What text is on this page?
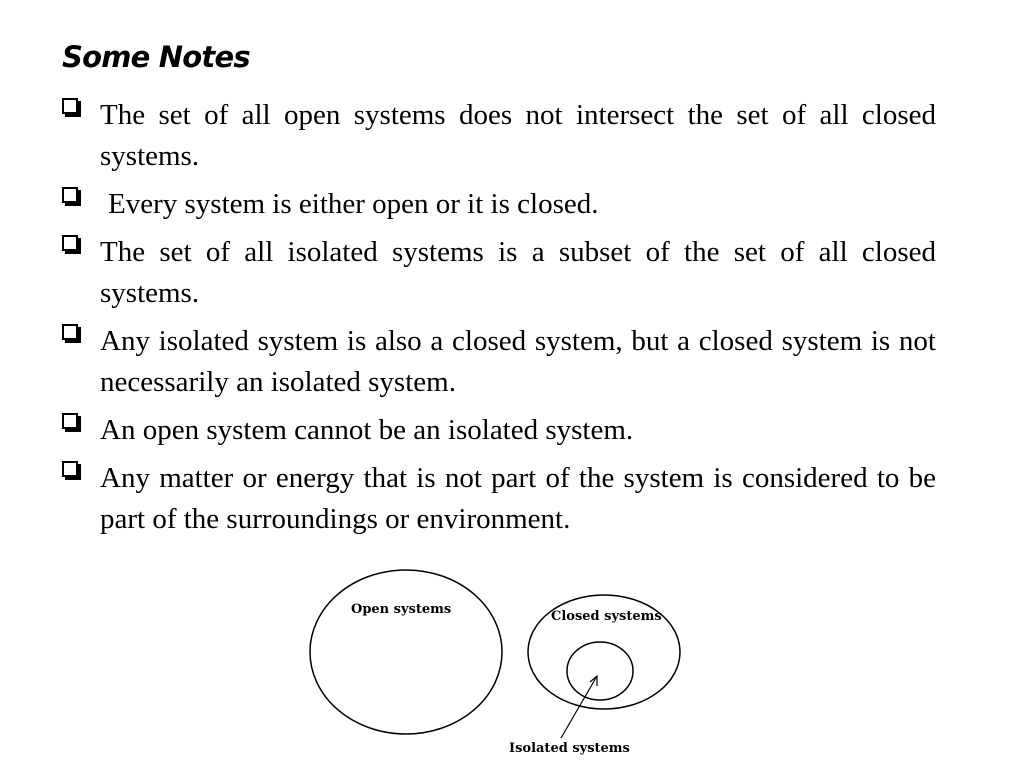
Some Notes
The set of all open systems does not intersect the set of all closed systems.
Every system is either open or it is closed.
The set of all isolated systems is a subset of the set of all closed systems.
Any isolated system is also a closed system, but a closed system is not necessarily an isolated system.
An open system cannot be an isolated system.
Any matter or energy that is not part of the system is considered to be part of the surroundings or environment.
Open systems	Closed systems
Isolated systems
